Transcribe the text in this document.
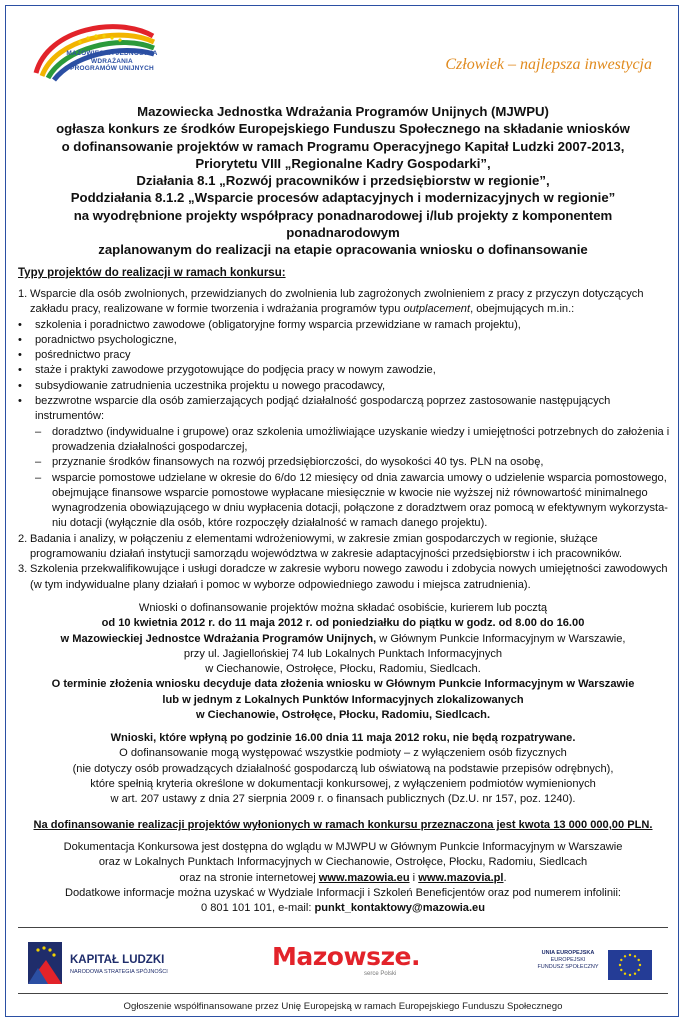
MAZOWIECKA JEDNOSTKA
WDRAŻANIA
PROGRAMÓW UNIJNYCH	Człowiek – najlepsza inwestycja
Mazowiecka Jednostka Wdrażania Programów Unijnych (MJWPU)
ogłasza konkurs ze środków Europejskiego Funduszu Społecznego na składanie wniosków
o dofinansowanie projektów w ramach Programu Operacyjnego Kapitał Ludzki 2007-2013,
Priorytetu VIII „Regionalne Kadry Gospodarki”,
Działania 8.1 „Rozwój pracowników i przedsiębiorstw w regionie”,
Poddziałania 8.1.2 „Wsparcie procesów adaptacyjnych i modernizacyjnych w regionie”
na wyodrębnione projekty współpracy ponadnarodowej i/lub projekty z komponentem ponadnarodowym
zaplanowanym do realizacji na etapie opracowania wniosku o dofinansowanie
Typy projektów do realizacji w ramach konkursu:

1. Wsparcie dla osób zwolnionych, przewidzianych do zwolnienia lub zagrożonych zwolnieniem z pracy z przyczyn dotyczących zakładu pracy, realizowane w formie tworzenia i wdrażania programów typu outplacement, obejmujących m.in.:

• szkolenia i poradnictwo zawodowe (obligatoryjne formy wsparcia przewidziane w ramach projektu),

• poradnictwo psychologiczne,

• pośrednictwo pracy

• staże i praktyki zawodowe przygotowujące do podjęcia pracy w nowym zawodzie,

• subsydiowanie zatrudnienia uczestnika projektu u nowego pracodawcy,

• bezzwrotne wsparcie dla osób zamierzających podjąć działalność gospodarczą poprzez zastosowanie następujących instrumentów:

– doradztwo (indywidualne i grupowe) oraz szkolenia umożliwiające uzyskanie wiedzy i umiejętności potrzebnych do założenia i prowadzenia działalności gospodarczej,

– przyznanie środków finansowych na rozwój przedsiębiorczości, do wysokości 40 tys. PLN na osobę,

– wsparcie pomostowe udzielane w okresie do 6/do 12 miesięcy od dnia zawarcia umowy o udzielenie wsparcia pomostowego, obejmujące finansowe wsparcie pomostowe wypłacane miesięcznie w kwocie nie wyższej niż równowartość minimalnego wynagrodzenia obowiązującego w dniu wypłacenia dotacji, połączone z doradztwem oraz pomocą w efektywnym wykorzysta-niu dotacji (wyłącznie dla osób, które rozpoczęły działalność w ramach danego projektu).

2. Badania i analizy, w połączeniu z elementami wdrożeniowymi, w zakresie zmian gospodarczych w regionie, służące programowaniu działań instytucji samorządu województwa w zakresie adaptacyjności przedsiębiorstw i ich pracowników.

3. Szkolenia przekwalifikowujące i usługi doradcze w zakresie wyboru nowego zawodu i zdobycia nowych umiejętności zawodowych (w tym indywidualne plany działań i pomoc w wyborze odpowiedniego zawodu i miejsca zatrudnienia).

Wnioski o dofinansowanie projektów można składać osobiście, kurierem lub pocztą

od 10 kwietnia 2012 r. do 11 maja 2012 r. od poniedziałku do piątku w godz. od 8.00 do 16.00

w Mazowieckiej Jednostce Wdrażania Programów Unijnych, w Głównym Punkcie Informacyjnym w Warszawie,

przy ul. Jagiellońskiej 74 lub Lokalnych Punktach Informacyjnych

w Ciechanowie, Ostrołęce, Płocku, Radomiu, Siedlcach.

O terminie złożenia wniosku decyduje data złożenia wniosku w Głównym Punkcie Informacyjnym w Warszawie

lub w jednym z Lokalnych Punktów Informacyjnych zlokalizowanych

w Ciechanowie, Ostrołęce, Płocku, Radomiu, Siedlcach.

Wnioski, które wpłyną po godzinie 16.00 dnia 11 maja 2012 roku, nie będą rozpatrywane.

O dofinansowanie mogą występować wszystkie podmioty – z wyłączeniem osób fizycznych

(nie dotyczy osób prowadzących działalność gospodarczą lub oświatową na podstawie przepisów odrębnych),

które spełnią kryteria określone w dokumentacji konkursowej, z wyłączeniem podmiotów wymienionych

w art. 207 ustawy z dnia 27 sierpnia 2009 r. o finansach publicznych (Dz.U. nr 157, poz. 1240).

Na dofinansowanie realizacji projektów wyłonionych w ramach konkursu przeznaczona jest kwota 13 000 000,00 PLN.

Dokumentacja Konkursowa jest dostępna do wglądu w MJWPU w Głównym Punkcie Informacyjnym w Warszawie

oraz w Lokalnych Punktach Informacyjnych w Ciechanowie, Ostrołęce, Płocku, Radomiu, Siedlcach

oraz na stronie internetowej www.mazowia.eu i www.mazovia.pl.

Dodatkowe informacje można uzyskać w Wydziale Informacji i Szkoleń Beneficjentów oraz pod numerem infolinii:

0 801 101 101, e-mail: punkt_kontaktowy@mazowia.eu

KAPITAŁ LUDZKI
NARODOWA STRATEGIA SPÓJNOŚCI
Mazowsze.
serce Polski
UNIA EUROPEJSKA
EUROPEJSKI
FUNDUSZ SPOŁECZNY
Ogłoszenie współfinansowane przez Unię Europejską w ramach Europejskiego Funduszu Społecznego
